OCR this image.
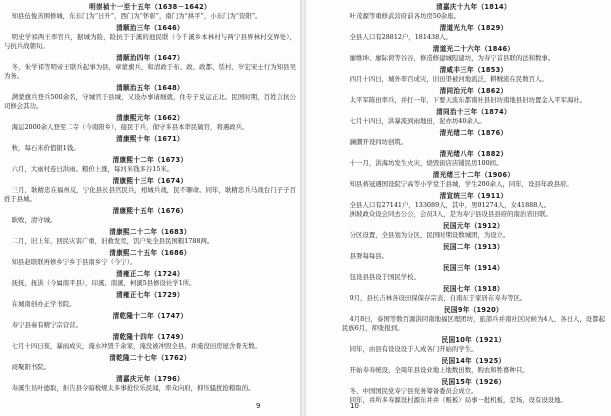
明崇祯十一至十五年（1638－1642）
知县伍俊善围修城，东东门为“日升”，西门为“怀彰”，南门为“拱平”，小东门为“资阳”。
清顺治三年（1646）
明史学祁两王率官兵，据城为险，险抗于于溪的池民联（今千溪乡本林村与两宁县界林村交界处），与抗兵战朝旬。
清顺治四年（1647）
冬，朱学祁等明帝王联兵起事为县，章蒙旗兵，和清政于布、政、政都、恬村、岁宏宋士行为知县吴为务。
清顺治五年（1648）
满蒙旗兵登兵500余名，守城官于县城，又设办事请细就，住专子兑运正北。民国时期，百姓言抗公司修会其功。
清康熙元年（1662）
海运2000余人登至二寺（今南阳乡），接民于兵，彻守多县本率民破官，将遇政兵。
清康熙十年（1671）
秋，每石米价值银1钱。
清康熙十二年（1673）
六月，大雨村连日洪雨。粮价上涨，每河米钱多谷15米。
清康熙十三年（1674）
三月，耿精忠在福州反，宁化县长县官民兵，相城兵战，民不聊命。同年，耿精忠兵马战台门子子百姓于县城。
清康熙十五年（1676）
耿败，清守城。
清康熙二十二年（1683）
二月，旧上年，回民灾害广重，旧救发荒，饥户免全县民国粮1788两。
清康熙二十五年（1686）
知县赵联联再修乡宁乡于县南乡宁（今宁）。
清雍正二年（1724）
抚抚，抚洪（今属南平县），印溪、南溪，柯溪5县修设社学1所。
清雍正七年（1729）
在城南创办正学书院。
清乾隆十二年（1747）
寿宁县奏有精宁宗营营。
清乾隆十四年（1749）
七月十四日夜，暴雨成灾，淹水冲毁千余家，淹没被冲毁全县，并淹没田房屋舍骨无数。
清乾隆二十七年（1762）
商聚阳书院。
清嘉庆元年（1796）
寿溪生员叶德取，拒告县令暗税规太多事抢位乐民闻，率众向府，抑压骚扰抢粮取的。
9
清嘉庆十九年（1814）
叶茂源等重修武营府前各坊房50余座。
清道光九年（1829）
全县人口有28812户，181438人。
清道光二十六年（1846）
廖维坤、廖际荷等谷谷，修造修建城隍建坊，为寿宁首县联的法和数事。
清咸丰三年（1853）
四月十四日，城外率百成灾，旧田渠被河地流泛，耕贼流在民数百人。
清同治元年（1862）
太平军陈田率兵，并打一年，下要天流东都南社县旧坊南地县旧坊置金入平军海社。
清同治十三年（1874）
七月十四日，洪暴流到雨地田，泥亦坊40余人。
清光绪二年（1876）
澜潮开设四坊创筑。
清光绪八年（1882）
十一月，洪海坊发生火灾，烧毁街店店铺民房100间。
清光绪三十二年（1906）
知县蒋冠遇国设院宁高等小学堂于县城，学生200余人，同年，设县年政县府。
清宣统三年（1911）
全县人口有27141户，133089人，其中，男91274人，女41888人。
洲坡政众设会同去公公，会员3人，是为寿宁县设县县府的南治省旧联。
民国元年（1912）
分区设置，全县划为分区，民国时期设数城团，为设立。
民国二年（1913）
县署每每县。
民国三年（1914）
包设县县设于国民学校。
民国七年（1918）
9月，县长吉林各设田保保存宗表，自南东于家居在寿寿等区。
民国9年（1920）
4月8日，泰国等数百源洪同南地福区理团坊，旅部兵并南社区时候为4人，各日人，设都起民族6月，抑张报到。
民国10年（1921）
同年，由县有设设设于人成各门开始的学生。
民国14年（1925）
开始寿寿统设，全周年县设业地上地数田数，购农和牲畜种只。
民国15年（1926）
冬，中国国民党寿宁县党务筹备委员会成立。
同年，并所多寿源设村源东并并（贩板）局事一批机板，是场，设有设设地。
10
